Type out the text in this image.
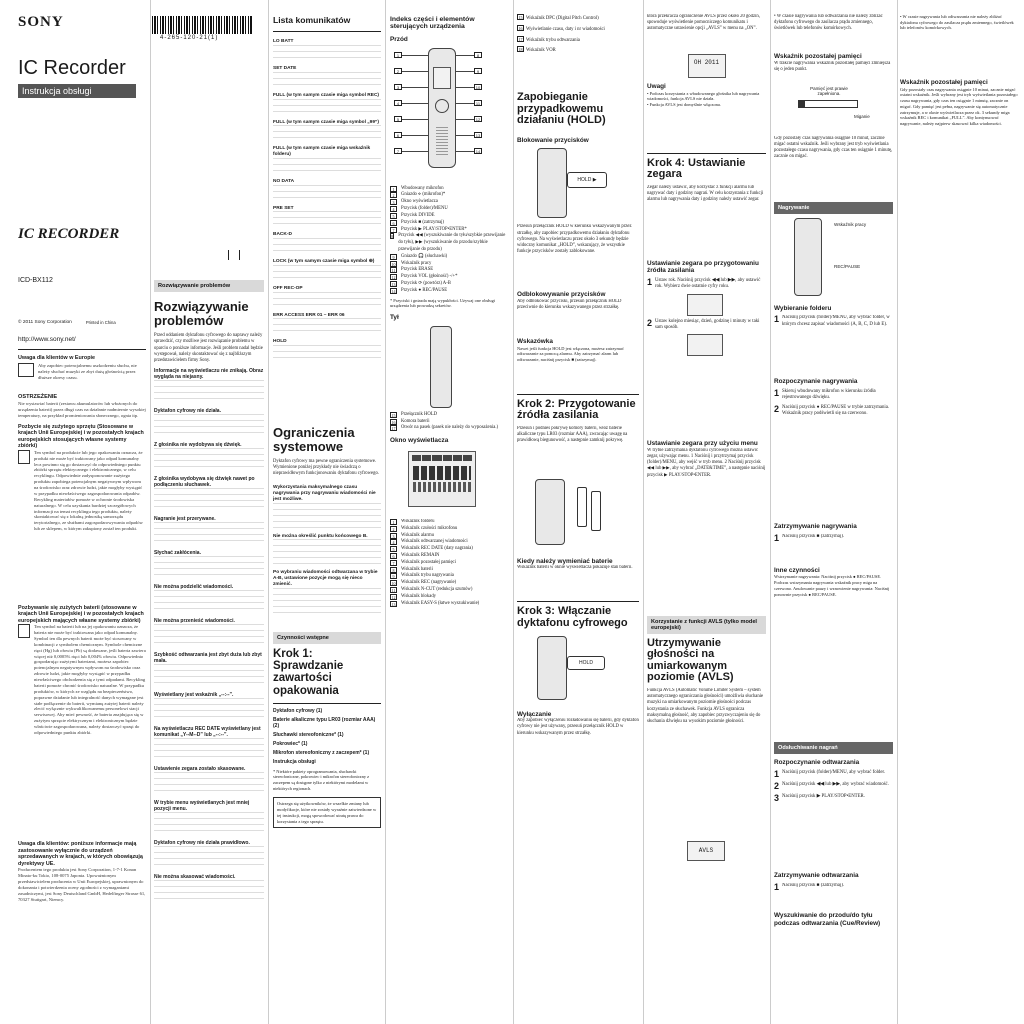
SONY
IC Recorder
Instrukcja obsługi
IC RECORDER
ICD-BX112
© 2011 Sony Corporation	Printed in China
http://www.sony.net/
Uwaga dla klientów w Europie
Aby zapobiec potencjalnemu uszkodzeniu słuchu, nie należy słuchać muzyki ze zbyt dużą głośnością przez dłuższe okresy czasu.
OSTRZEŻENIE
Nie wystawiać baterii (zestawu akumulatorów lub włożonych do urządzenia baterii) przez długi czas na działanie nadmiernie wysokiej temperatury, na przykład promieniowania słonecznego, ognia itp.
Pozbycie się zużytego sprzętu (Stosowane w krajach Unii Europejskiej i w pozostałych krajach europejskich stosujących własne systemy zbiórki)
Ten symbol na produkcie lub jego opakowaniu oznacza, że produkt nie może być traktowany jako odpad komunalny lecz powinno się go dostarczyć do odpowiedniego punktu zbiórki sprzętu elektrycznego i elektronicznego, w celu recyklingu. Odpowiednie zadysponowanie zużytego produktu zapobiega potencjalnym negatywnym wpływom na środowisko oraz zdrowie ludzi, jakie mogłyby wystąpić w przypadku niewłaściwego zagospodarowania odpadów. Recykling materiałów pomoże w ochronie środowiska naturalnego. W celu uzyskania bardziej szczegółowych informacji na temat recyklingu tego produktu, należy skontaktować się z lokalną jednostką samorządu terytorialnego, ze służbami zagospodarowywania odpadów lub ze sklepem, w którym zakupiony został ten produkt.
Pozbywanie się zużytych baterii (stosowane w krajach Unii Europejskiej i w pozostałych krajach europejskich mających własne systemy zbiórki)
Ten symbol na baterii lub na jej opakowaniu oznacza, że bateria nie może być traktowana jako odpad komunalny. Symbol ten dla pewnych baterii może być stosowany w kombinacji z symbolem chemicznym. Symbole chemiczne rtęci (Hg) lub ołowiu (Pb) są dodawane, jeśli bateria zawiera więcej niż 0,0005% rtęci lub 0,004% ołowiu. Odpowiednio gospodarując zużytymi bateriami, możesz zapobiec potencjalnym negatywnym wpływom na środowisko oraz zdrowie ludzi, jakie mogłyby wystąpić w przypadku niewłaściwego obchodzenia się z tymi odpadami. Recykling baterii pomoże chronić środowisko naturalne. W przypadku produktów, w których ze względu na bezpieczeństwo, poprawne działanie lub integralność danych wymagane jest stałe podłączenie do baterii, wymianę zużytej baterii należy zlecić wyłącznie wykwalifikowanemu personelowi stacji serwisowej. Aby mieć pewność, że bateria znajdująca się w zużytym sprzęcie elektrycznym i elektronicznym będzie właściwie zagospodarowana, należy dostarczyć sprzęt do odpowiedniego punktu zbiórki.
Uwaga dla klientów: poniższe informacje mają zastosowanie wyłącznie do urządzeń sprzedawanych w krajach, w których obowiązują dyrektywy UE.
Producentem tego produktu jest Sony Corporation, 1-7-1 Konan Minato-ku Tokio, 108-0075 Japonia. Upoważnionym przedstawicielem producenta w Unii Europejskiej, uprawnionym do dokonania i potwierdzenia oceny zgodności z wymaganiami zasadniczymi, jest Sony Deutschland GmbH, Hedelfinger Strasse 61, 70327 Stuttgart, Niemcy.
4-265-120-21(1)
Rozwiązywanie problemów
Rozwiązywanie problemów
Przed oddaniem dyktafonu cyfrowego do naprawy należy sprawdzić, czy możliwe jest rozwiązanie problemu w oparciu o poniższe informacje. Jeśli problem nadal będzie występował, należy skontaktować się z najbliższym przedstawicielem firmy Sony.
Informacje na wyświetlaczu nie znikają. Obraz wygląda na niejasny.
Dyktafon cyfrowy nie działa.
Z głośnika nie wydobywa się dźwięk.
Z głośnika wydobywa się dźwięk nawet po podłączeniu słuchawek.
Nagranie jest przerywane.
Słychać zakłócenia.
Nie można podzielić wiadomości.
Nie można przenieść wiadomości.
Szybkość odtwarzania jest zbyt duża lub zbyt mała.
Wyświetlany jest wskaźnik „--:--”.
Na wyświetlaczu REC DATE wyświetlany jest komunikat „Y--M--D” lub „--:--”.
Ustawienie zegara zostało skasowane.
W trybie menu wyświetlanych jest mniej pozycji menu.
Dyktafon cyfrowy nie działa prawidłowo.
Nie można skasować wiadomości.
Lista komunikatów
LO BATT
SET DATE
FULL (w tym samym czasie miga symbol REC)
FULL (w tym samym czasie miga symbol „99”)
FULL (w tym samym czasie miga wskaźnik folderu)
NO DATA
PRE SET
BACK-D
LOCK (w tym samym czasie miga symbol ⊕)
OFF REC-OP
ERR ACCESS ERR 01 – ERR 06
HOLD
Ograniczenia systemowe
Dyktafon cyfrowy ma pewne ograniczenia systemowe. Wymienione poniżej przykłady nie świadczą o nieprawidłowym funkcjonowaniu dyktafonu cyfrowego.
Wykorzystania maksymalnego czasu nagrywania przy nagrywaniu wiadomości nie jest możliwe.
Nie można określić punktu końcowego B.
Po wybraniu wiadomości odtwarzana w trybie A-B, ustawione pozycje mogą się nieco zmienić.
Czynności wstępne
Krok 1: Sprawdzanie zawartości opakowania
Dyktafon cyfrowy (1)
Baterie alkaliczne typu LR03 (rozmiar AAA) (2)
Słuchawki stereofoniczne* (1)
Pokrowiec* (1)
Mikrofon stereofoniczny z zaczepem* (1)
Instrukcja obsługi
* Niektóre pakiety oprogramowania, słuchawki stereofoniczne, pokrowiec i mikrofon stereofoniczny z zaczepem są dostępne tylko z niektórymi modelami w niektórych regionach.
Ostrzega się użytkowników, że wszelkie zmiany lub modyfikacje, które nie zostały wyraźnie zatwierdzone w tej instrukcji, mogą spowodować utratę prawa do korzystania z tego sprzętu.
Indeks części i elementów sterujących urządzenia
Przód
1
2
3
4
5
6
7
8
9
10
11
12
13
14
1	Wbudowany mikrofon
2	Gniazdo ⟡ (mikrofon)*
3	Okno wyświetlacza
4	Przycisk (folder)/MENU
5	Przycisk DIVIDE
6	Przycisk ■ (zatrzymaj)
7	Przycisk ▶ PLAY/STOP•ENTER*
8 Przycisk ◀◀ (wyszukiwanie do tyłu/szybkie przewijanie do tyłu), ▶▶ (wyszukiwanie do przodu/szybkie przewijanie do przodu)
9	Gniazdo 🎧 (słuchawki)
10	Wskaźnik pracy
11	Przycisk ERASE
12	Przycisk VOL (głośność) -/+*
13	Przycisk ⟳ (powtórz) A-B
14	Przycisk ● REC/PAUSE
* Przyciski i gniazda mają wypukłości. Używaj one obsługi urządzenia lub prowadzą sekretów.
Tył
15	Przełącznik HOLD
16	Komora baterii
17	Otwór na pasek (pasek nie należy do wyposażenia.)
Okno wyświetlacza
1	Wskaźnik folderu
2	Wskaźnik czułości mikrofonu
3	Wskaźnik alarmu
4	Wskaźnik odtwarzanej wiadomości
5	Wskaźnik REC DATE (daty nagrania)
6	Wskaźnik REMAIN
7	Wskaźnik pozostałej pamięci
8	Wskaźnik baterii
9	Wskaźnik trybu nagrywania
10	Wskaźnik REC (nagrywanie)
11	Wskaźnik N-CUT (redukcja szumów)
12	Wskaźnik blokady
13	Wskaźnik EASY-S (łatwe wyszukiwanie)
15 Wskaźnik DPC (Digital Pitch Control)
16 Wyświetlanie czasu, daty i nr wiadomości
17 Wskaźnik trybu odtwarzania
18 Wskaźnik VOR
Zapobieganie przypadkowemu działaniu (HOLD)
Blokowanie przycisków
HOLD ▶
Przesuń przełącznik HOLD w kierunku wskazywanym przez strzałkę, aby zapobiec przypadkowemu działaniu dyktafonu cyfrowego. Na wyświetlaczu przez około 3 sekundy będzie widoczny komunikat „HOLD”, wskazujący, że wszystkie funkcje przycisków zostały zablokowane.
Odblokowywanie przycisków
Aby odblokować przyciski, przesuń przełącznik HOLD przeciwnie do kierunku wskazywanego przez strzałkę.
Wskazówka
Nawet jeśli funkcja HOLD jest włączona, możesz zatrzymać odtwarzanie za pomocą alarmu. Aby zatrzymać alarm lub odtwarzanie, naciśnij przycisk ■ (zatrzymaj).
Krok 2: Przygotowanie źródła zasilania
Przesuń i podnieś pokrywę komory baterii, włóż baterie alkaliczne typu LR03 (rozmiar AAA), zwracając uwagę na prawidłową biegunowość, a następnie zamknij pokrywę.
Kiedy należy wymieniać baterie
Wskaźnik baterii w oknie wyświetlacza pokazuje stan baterii.
Krok 3: Włączanie dyktafonu cyfrowego
HOLD
Wyłączanie
Aby zapobiec wyłączeniu rozładowaniu się baterii, gdy dyktafon cyfrowy nie jest używany, przesuń przełącznik HOLD w kierunku wskazywanym przez strzałkę.
która przekracza ograniczenie AVLS przez około 20 godzin, spowoduje wyświetlenie pomocniczego komunikatu i automatyczne ustawienie opcji „AVLS” w menu na „ON”.
OH 2011
Uwagi
• Podczas korzystania z wbudowanego głośnika lub nagrywania wiadomości, funkcja AVLS nie działa.
• Funkcja AVLS jest domyślnie włączona.
Krok 4: Ustawianie zegara
Zegar należy ustawić, aby korzystać z funkcji alarmu lub nagrywać daty i godziny nagrań. W celu korzystania z funkcji alarmu lub nagrywania daty i godziny należy ustawić zegar.
Ustawianie zegara po przygotowaniu źródła zasilania
1 Ustaw rok. Naciśnij przycisk ◀◀ lub ▶▶, aby ustawić rok. Wybierz dwie ostatnie cyfry roku.
2 Ustaw kolejno miesiąc, dzień, godzinę i minuty w taki sam sposób.
Ustawianie zegara przy użyciu menu
W trybie zatrzymania dyktafonu cyfrowego można ustawić zegar, używając menu. 1 Naciśnij i przytrzymaj przycisk (folder)/MENU, aby wejść w tryb menu. 2 Naciśnij przycisk ◀◀ lub ▶▶, aby wybrać „DATE&TIME”, a następnie naciśnij przycisk ▶ PLAY/STOP•ENTER.
Korzystanie z funkcji AVLS (tylko model europejski)
Utrzymywanie głośności na umiarkowanym poziomie (AVLS)
Funkcja AVLS (Automatic Volume Limiter System – system automatycznego ograniczania głośności) umożliwia słuchanie muzyki na umiarkowanym poziomie głośności podczas korzystania ze słuchawek. Funkcja AVLS ogranicza maksymalną głośność, aby zapobiec przyzwyczajeniu się do słuchania dźwięku na wysokim poziomie głośności.
AVLS
• W czasie nagrywania lub odtwarzania nie należy zbliżać dyktafonu cyfrowego do zasilacza prądu zmiennego, świetlówek lub telefonów komórkowych.
Wskaźnik pozostałej pamięci
W trakcie nagrywania wskaźnik pozostałej pamięci zmniejsza się o jeden punkt.
Pamięć jest prawie zapełniona.
Miganie
Gdy pozostały czas nagrywania osiągnie 10 minut, zacznie migać ostatni wskaźnik. Jeśli wybrany jest tryb wyświetlania pozostałego czasu nagrywania, gdy czas ten osiągnie 1 minutę, zacznie on migać.
Nagrywanie
Wskaźnik pracy
REC/PAUSE
Wybieranie folderu
1 Naciśnij przycisk (folder)/MENU, aby wybrać folder, w którym chcesz zapisać wiadomości (A, B, C, D lub E).
Rozpoczynanie nagrywania
1 Skieruj wbudowany mikrofon w kierunku źródła rejestrowanego dźwięku.
2 Naciśnij przycisk ● REC/PAUSE w trybie zatrzymania. Wskaźnik pracy podświetli się na czerwono.
Zatrzymywanie nagrywania
1 Naciśnij przycisk ■ (zatrzymaj).
Inne czynności
Wstrzymanie nagrywania: Naciśnij przycisk ● REC/PAUSE. Podczas wstrzymania nagrywania wskaźnik pracy miga na czerwono. Anulowanie pauzy i wznowienie nagrywania: Naciśnij ponownie przycisk ● REC/PAUSE.
Odsłuchiwanie nagrań
Rozpoczynanie odtwarzania
1 Naciśnij przycisk (folder)/MENU, aby wybrać folder.
2 Naciśnij przycisk ◀◀ lub ▶▶, aby wybrać wiadomość.
3 Naciśnij przycisk ▶ PLAY/STOP•ENTER.
Zatrzymywanie odtwarzania
1 Naciśnij przycisk ■ (zatrzymaj).
Wyszukiwanie do przodu/do tyłu podczas odtwarzania (Cue/Review)
• W czasie nagrywania lub odtwarzania nie należy zbliżać dyktafonu cyfrowego do zasilacza prądu zmiennego, świetlówek lub telefonów komórkowych.
Wskaźnik pozostałej pamięci
Gdy pozostały czas nagrywania osiągnie 10 minut, zacznie migać ostatni wskaźnik. Jeśli wybrany jest tryb wyświetlania pozostałego czasu nagrywania, gdy czas ten osiągnie 1 minutę, zacznie on migać. Gdy pamięć jest pełna, nagrywanie się automatycznie zatrzymuje, a w oknie wyświetlacza przez ok. 3 sekundy miga wskaźnik REC i komunikat „FULL”. Aby kontynuować nagrywanie, należy najpierw skasować kilka wiadomości.
